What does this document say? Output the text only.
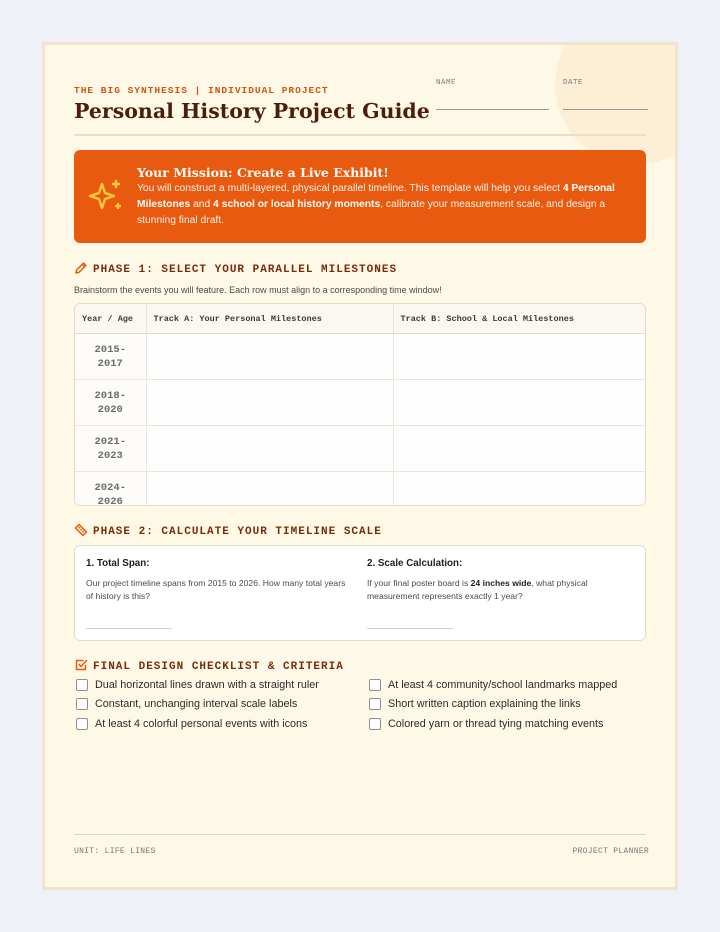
THE BIG SYNTHESIS | INDIVIDUAL PROJECT
Personal History Project Guide
NAME	DATE
Your Mission: Create a Live Exhibit!

You will construct a multi-layered, physical parallel timeline. This template will help you select 4 Personal Milestones and 4 school or local history moments, calibrate your measurement scale, and design a stunning final draft.

PHASE 1: SELECT YOUR PARALLEL MILESTONES
Brainstorm the events you will feature. Each row must align to a corresponding time window!
Year / Age	Track A: Your Personal Milestones	Track B: School & Local Milestones

2015-
2017		

2018-
2020		

2021-
2023		

2024-
2026		

PHASE 2: CALCULATE YOUR TIMELINE SCALE
1. Total Span:

Our project timeline spans from 2015 to 2026. How many total years of history is this?

2. Scale Calculation:

If your final poster board is 24 inches wide, what physical measurement represents exactly 1 year?

FINAL DESIGN CHECKLIST & CRITERIA
Dual horizontal lines drawn with a straight ruler
Constant, unchanging interval scale labels
At least 4 colorful personal events with icons
At least 4 community/school landmarks mapped
Short written caption explaining the links
Colored yarn or thread tying matching events
UNIT: LIFE LINES	PROJECT PLANNER
